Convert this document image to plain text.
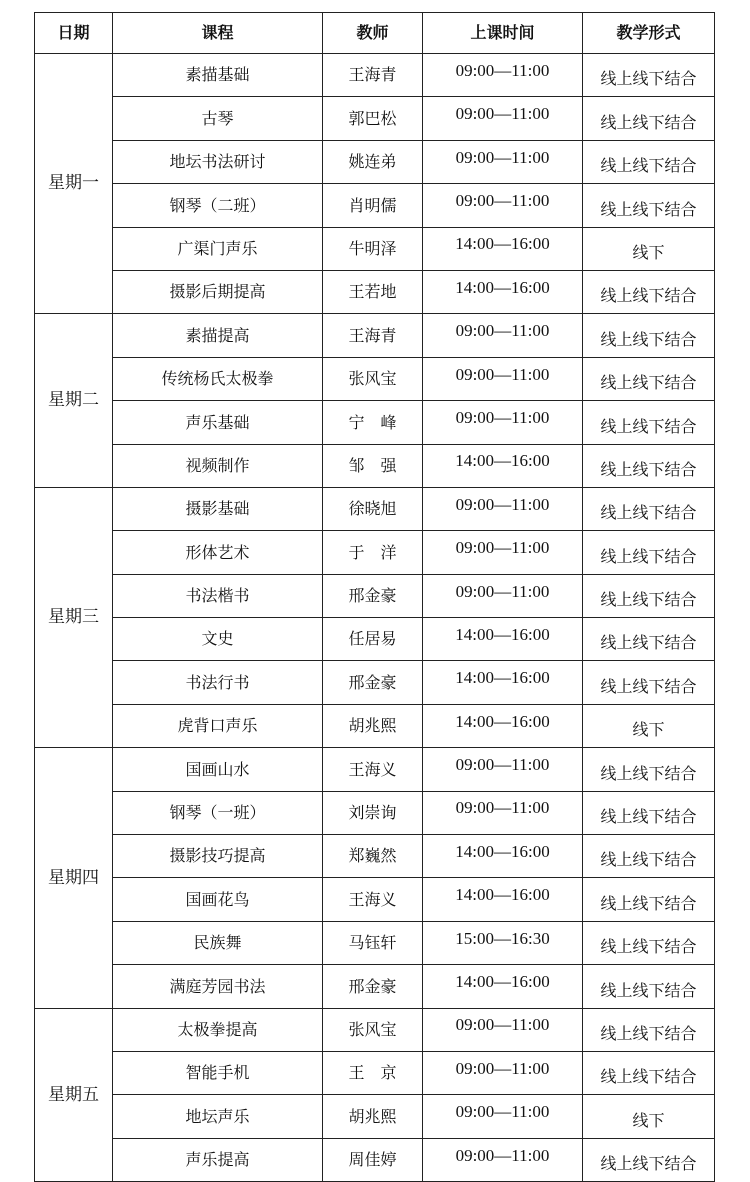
日期	课程	教师	上课时间	教学形式
星期一	素描基础	王海青	09:00—11:00	线上线下结合
	古琴	郭巴松	09:00—11:00	线上线下结合
	地坛书法研讨	姚连弟	09:00—11:00	线上线下结合
	钢琴（二班）	肖明儒	09:00—11:00	线上线下结合
	广渠门声乐	牛明泽	14:00—16:00	线下
	摄影后期提高	王若地	14:00—16:00	线上线下结合
星期二	素描提高	王海青	09:00—11:00	线上线下结合
	传统杨氏太极拳	张风宝	09:00—11:00	线上线下结合
	声乐基础	宁　峰	09:00—11:00	线上线下结合
	视频制作	邹　强	14:00—16:00	线上线下结合
星期三	摄影基础	徐晓旭	09:00—11:00	线上线下结合
	形体艺术	于　洋	09:00—11:00	线上线下结合
	书法楷书	邢金豪	09:00—11:00	线上线下结合
	文史	任居易	14:00—16:00	线上线下结合
	书法行书	邢金豪	14:00—16:00	线上线下结合
	虎背口声乐	胡兆熙	14:00—16:00	线下
星期四	国画山水	王海义	09:00—11:00	线上线下结合
	钢琴（一班）	刘崇询	09:00—11:00	线上线下结合
	摄影技巧提高	郑巍然	14:00—16:00	线上线下结合
	国画花鸟	王海义	14:00—16:00	线上线下结合
	民族舞	马钰轩	15:00—16:30	线上线下结合
	满庭芳园书法	邢金豪	14:00—16:00	线上线下结合
星期五	太极拳提高	张风宝	09:00—11:00	线上线下结合
	智能手机	王　京	09:00—11:00	线上线下结合
	地坛声乐	胡兆熙	09:00—11:00	线下
	声乐提高	周佳婷	09:00—11:00	线上线下结合
